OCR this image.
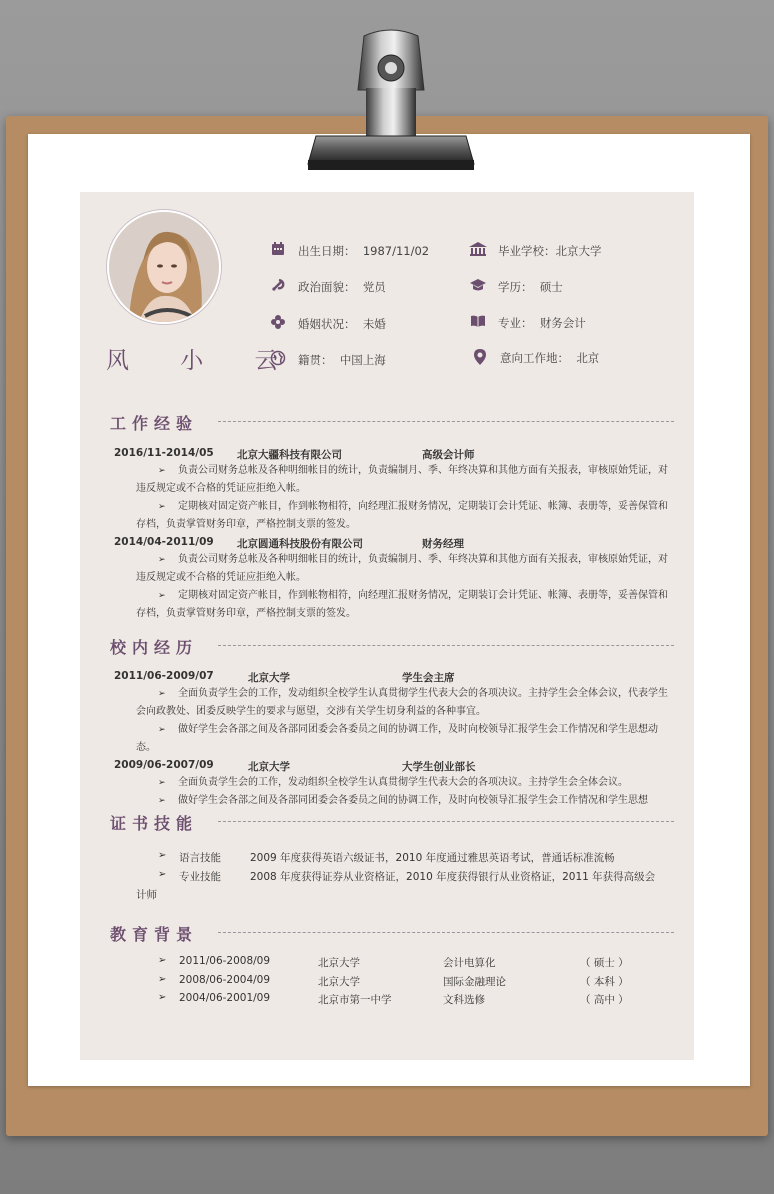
风 小 云
出生日期： 1987/11/02
政治面貌： 党员
婚姻状况： 未婚
籍贯： 中国上海
毕业学校：北京大学
学历： 硕士
专业： 财务会计
意向工作地： 北京
工作经验
2016/11-2014/05 北京大疆科技有限公司	高级会计师
➢ 负责公司财务总帐及各种明细帐目的统计，负责编制月、季、年终决算和其他方面有关报表，审核原始凭证，对违反规定或不合格的凭证应拒绝入帐。
➢ 定期核对固定资产帐目，作到帐物相符，向经理汇报财务情况，定期装订会计凭证、帐簿、表册等，妥善保管和存档，负责掌管财务印章，严格控制支票的签发。
2014/04-2011/09 北京圆通科技股份有限公司	财务经理
➢ 负责公司财务总帐及各种明细帐目的统计，负责编制月、季、年终决算和其他方面有关报表，审核原始凭证，对违反规定或不合格的凭证应拒绝入帐。
➢ 定期核对固定资产帐目，作到帐物相符，向经理汇报财务情况，定期装订会计凭证、帐簿、表册等，妥善保管和存档，负责掌管财务印章，严格控制支票的签发。
校内经历
2011/06-2009/07	北京大学	学生会主席
➢ 全面负责学生会的工作，发动组织全校学生认真贯彻学生代表大会的各项决议。主持学生会全体会议，代表学生会向政教处、团委反映学生的要求与愿望，交涉有关学生切身利益的各种事宜。
➢ 做好学生会各部之间及各部同团委会各委员之间的协调工作，及时向校领导汇报学生会工作情况和学生思想动态。
2009/06-2007/09	北京大学	大学生创业部长
➢ 全面负责学生会的工作，发动组织全校学生认真贯彻学生代表大会的各项决议。主持学生会全体会议。
➢ 做好学生会各部之间及各部同团委会各委员之间的协调工作，及时向校领导汇报学生会工作情况和学生思想
证书技能
➢ 语言技能	2009 年度获得英语六级证书，2010 年度通过雅思英语考试，普通话标准流畅
➢ 专业技能	2008 年度获得证券从业资格证，2010 年度获得银行从业资格证，2011 年获得高级会
计师
教育背景
➢ 2011/06-2008/09	北京大学	会计电算化	（ 硕士 ）
➢ 2008/06-2004/09	北京大学	国际金融理论	（ 本科 ）
➢ 2004/06-2001/09	北京市第一中学	文科选修	（ 高中 ）
